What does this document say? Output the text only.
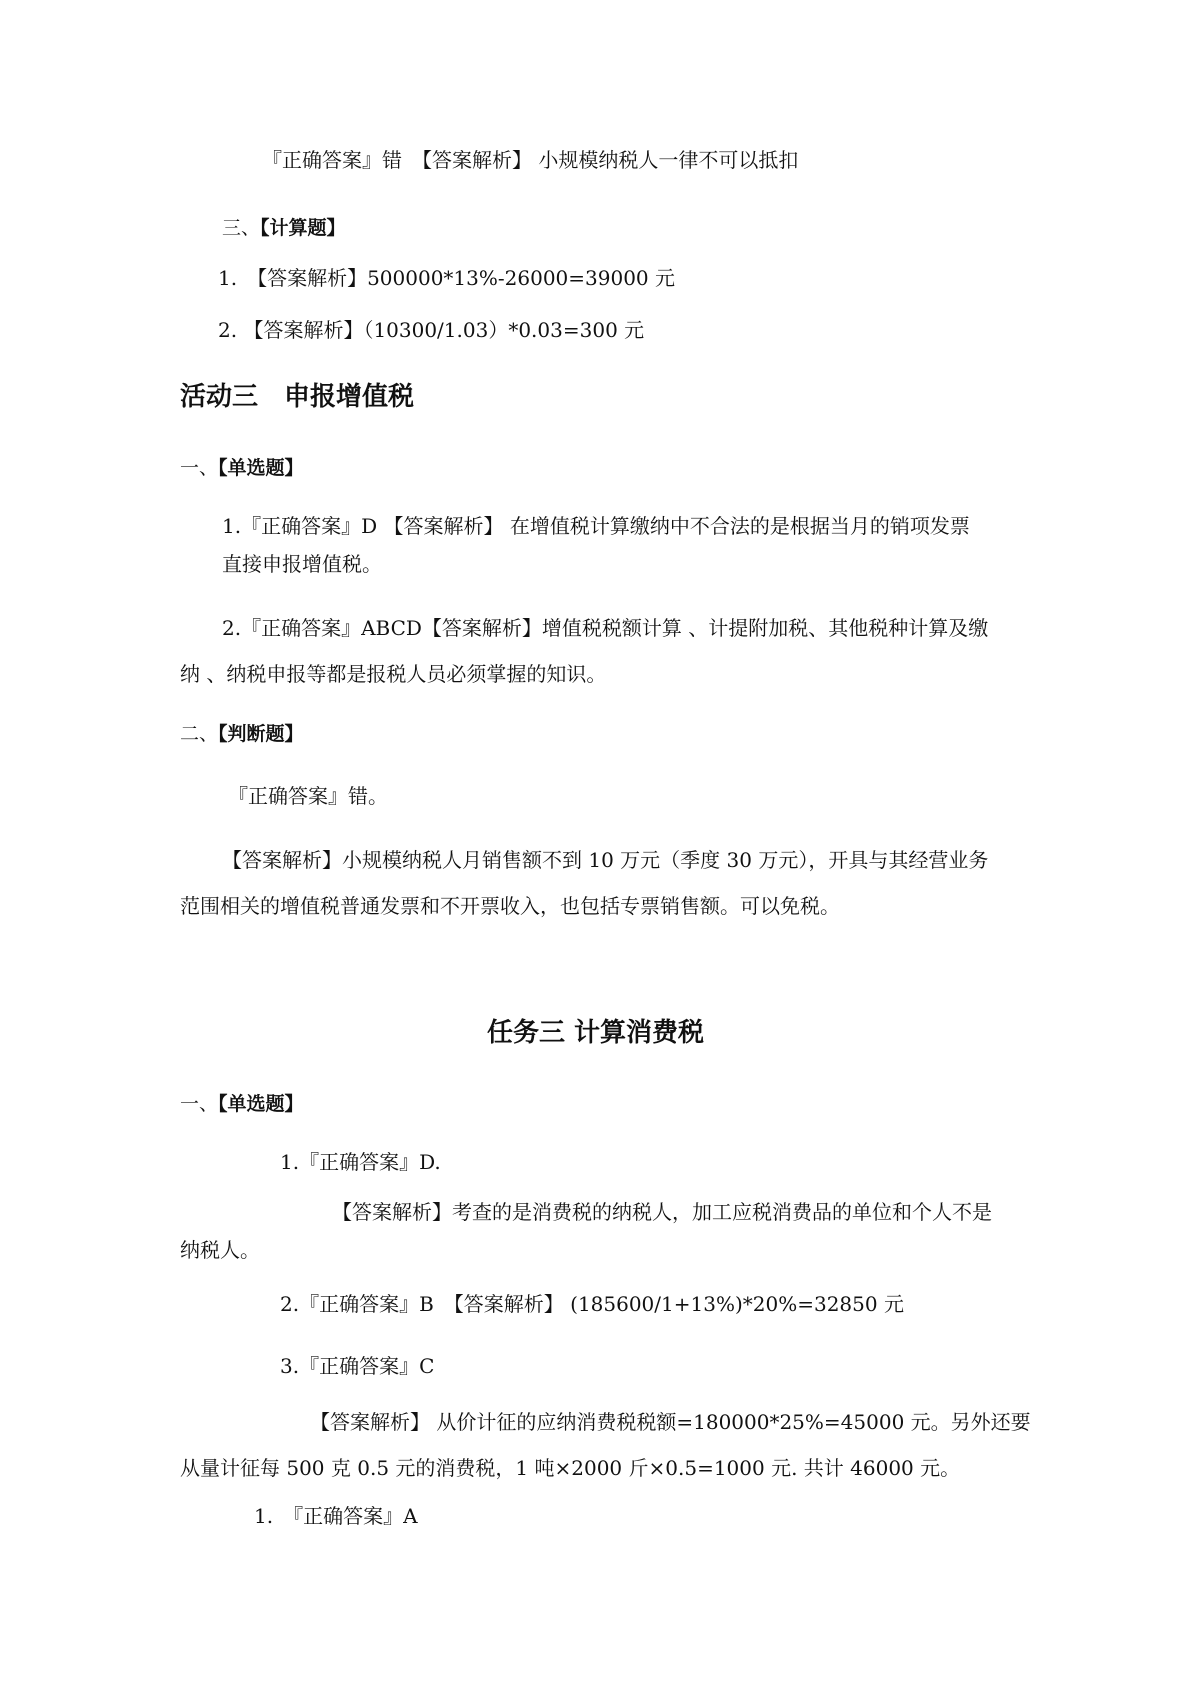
『正确答案』错　【答案解析】 小规模纳税人一律不可以抵扣
三、【计算题】
1.　【答案解析】500000*13%-26000=39000 元
2. 【答案解析】（10300/1.03）*0.03=300 元
活动三　申报增值税
一、【单选题】
1.『正确答案』D 【答案解析】 在增值税计算缴纳中不合法的是根据当月的销项发票
直接申报增值税。
2.『正确答案』ABCD【答案解析】增值税税额计算 、计提附加税、其他税种计算及缴
纳 、纳税申报等都是报税人员必须掌握的知识。
二、【判断题】
『正确答案』错。
【答案解析】小规模纳税人月销售额不到 10 万元（季度 30 万元），开具与其经营业务
范围相关的增值税普通发票和不开票收入，也包括专票销售额。可以免税。
任务三 计算消费税
一、【单选题】
1.『正确答案』D.
【答案解析】考查的是消费税的纳税人，加工应税消费品的单位和个人不是
纳税人。
2.『正确答案』B　【答案解析】 (185600/1+13%)*20%=32850 元
3.『正确答案』C
【答案解析】 从价计征的应纳消费税税额=180000*25%=45000 元。另外还要
从量计征每 500 克 0.5 元的消费税，1 吨×2000 斤×0.5=1000 元. 共计 46000 元。
1.　『正确答案』A
